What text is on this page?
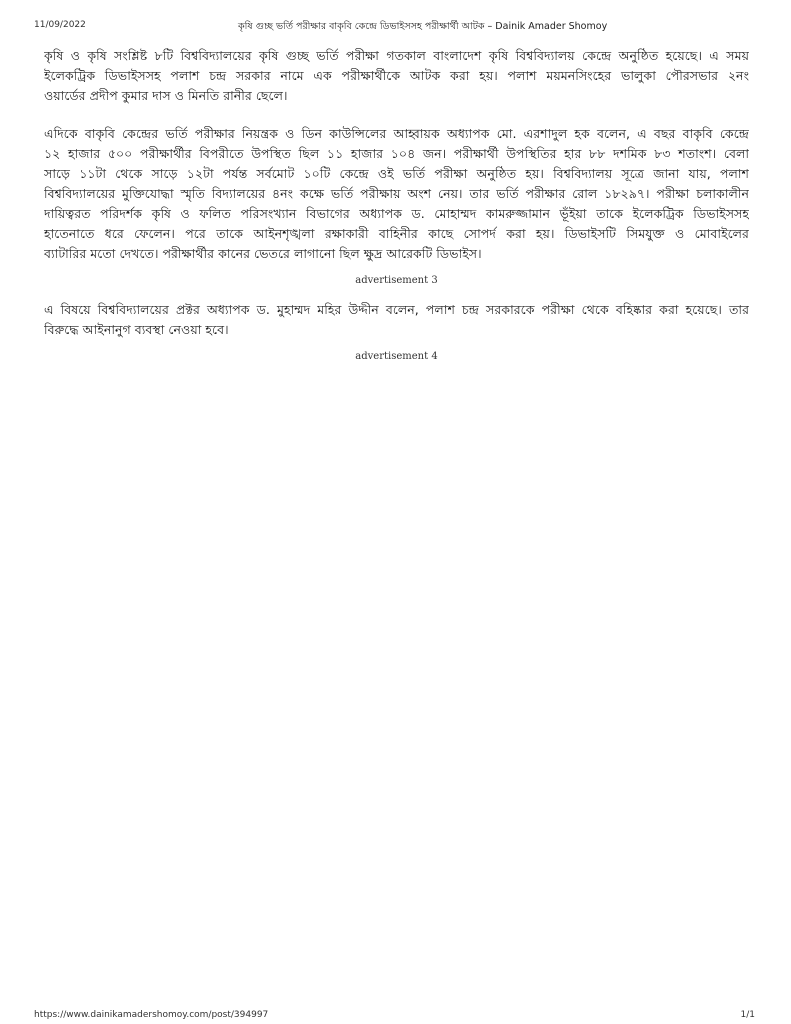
11/09/2022	কৃষি গুচ্ছ ভর্তি পরীক্ষার বাকৃবি কেন্দ্রে ডিভাইসসহ পরীক্ষার্থী আটক – Dainik Amader Shomoy

কৃষি ও কৃষি সংশ্লিষ্ট ৮টি বিশ্ববিদ্যালয়ের কৃষি গুচ্ছ ভর্তি পরীক্ষা গতকাল বাংলাদেশ কৃষি বিশ্ববিদ্যালয় কেন্দ্রে অনুষ্ঠিত হয়েছে। এ সময়
ইলেকট্রিক ডিভাইসসহ পলাশ চন্দ্র সরকার নামে এক পরীক্ষার্থীকে আটক করা হয়। পলাশ ময়মনসিংহের ভালুকা পৌরসভার ২নং
ওয়ার্ডের প্রদীপ কুমার দাস ও মিনতি রানীর ছেলে।

এদিকে বাকৃবি কেন্দ্রের ভর্তি পরীক্ষার নিয়ন্ত্রক ও ডিন কাউন্সিলের আহ্বায়ক অধ্যাপক মো. এরশাদুল হক বলেন, এ বছর বাকৃবি কেন্দ্রে
১২ হাজার ৫০০ পরীক্ষার্থীর বিপরীতে উপস্থিত ছিল ১১ হাজার ১০৪ জন। পরীক্ষার্থী উপস্থিতির হার ৮৮ দশমিক ৮৩ শতাংশ। বেলা
সাড়ে ১১টা থেকে সাড়ে ১২টা পর্যন্ত সর্বমোট ১০টি কেন্দ্রে ওই ভর্তি পরীক্ষা অনুষ্ঠিত হয়। বিশ্ববিদ্যালয় সূত্রে জানা যায়, পলাশ
বিশ্ববিদ্যালয়ের মুক্তিযোদ্ধা স্মৃতি বিদ্যালয়ের ৪নং কক্ষে ভর্তি পরীক্ষায় অংশ নেয়। তার ভর্তি পরীক্ষার রোল ১৮২৯৭। পরীক্ষা চলাকালীন
দায়িত্বরত পরিদর্শক কৃষি ও ফলিত পরিসংখ্যান বিভাগের অধ্যাপক ড. মোহাম্মদ কামরুজ্জামান ভূঁইয়া তাকে ইলেকট্রিক ডিভাইসসহ
হাতেনাতে ধরে ফেলেন। পরে তাকে আইনশৃঙ্খলা রক্ষাকারী বাহিনীর কাছে সোপর্দ করা হয়। ডিভাইসটি সিমযুক্ত ও মোবাইলের
ব্যাটারির মতো দেখতে। পরীক্ষার্থীর কানের ভেতরে লাগানো ছিল ক্ষুদ্র আরেকটি ডিভাইস।

advertisement 3

এ বিষয়ে বিশ্ববিদ্যালয়ের প্রক্টর অধ্যাপক ড. মুহাম্মদ মহির উদ্দীন বলেন, পলাশ চন্দ্র সরকারকে পরীক্ষা থেকে বহিষ্কার করা হয়েছে। তার
বিরুদ্ধে আইনানুগ ব্যবস্থা নেওয়া হবে।

advertisement 4
https://www.dainikamadershomoy.com/post/394997	1/1
